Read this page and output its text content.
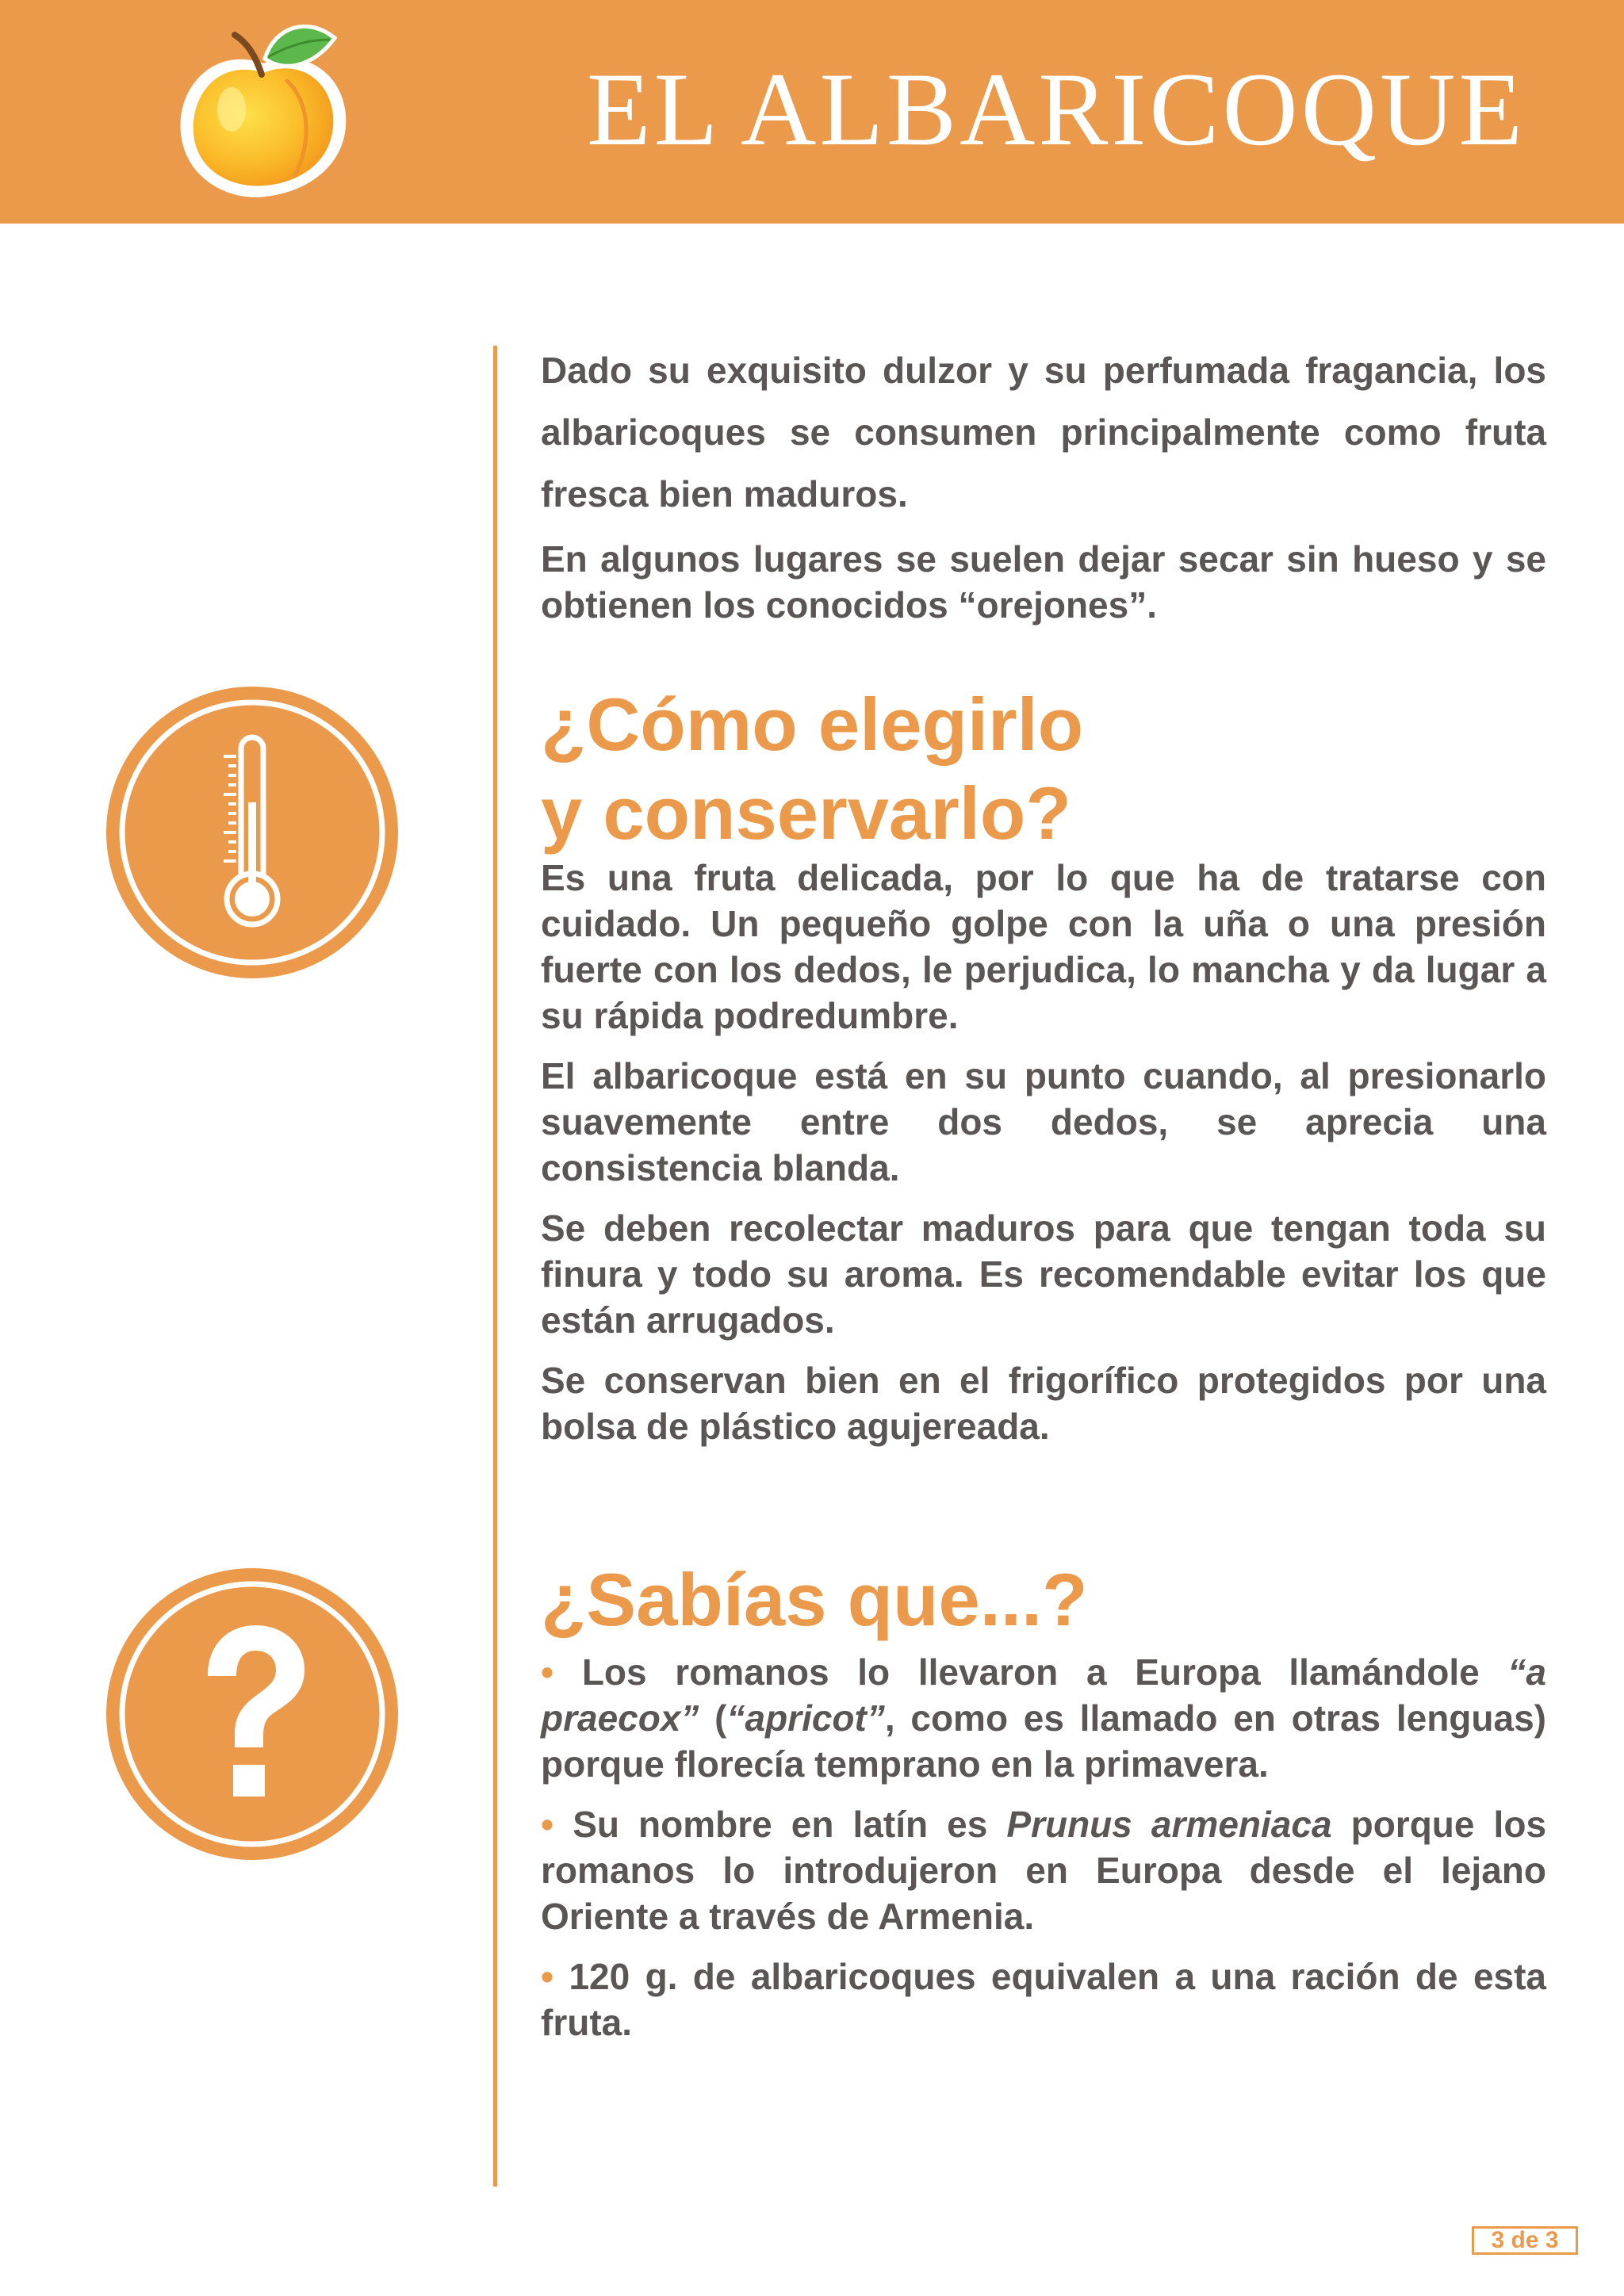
EL ALBARICOQUE

Dado su exquisito dulzor y su perfumada fragancia, los albaricoques se consumen principalmente como fruta fresca bien maduros.

En algunos lugares se suelen dejar secar sin hueso y se obtienen los conocidos “orejones”.

¿Cómo elegirlo
y conservarlo?

Es una fruta delicada, por lo que ha de tratarse con cuidado. Un pequeño golpe con la uña o una presión fuerte con los dedos, le perjudica, lo mancha y da lugar a su rápida podredumbre.

El albaricoque está en su punto cuando, al presionarlo suavemente entre dos dedos, se aprecia una consistencia blanda.

Se deben recolectar maduros para que tengan toda su finura y todo su aroma. Es recomendable evitar los que están arrugados.

Se conservan bien en el frigorífico protegidos por una bolsa de plástico agujereada.

¿Sabías que...?

• Los romanos lo llevaron a Europa llamándole “a praecox” (“apricot”, como es llamado en otras lenguas) porque florecía temprano en la primavera.

• Su nombre en latín es Prunus armeniaca porque los romanos lo introdujeron en Europa desde el lejano Oriente a través de Armenia.

• 120 g. de albaricoques equivalen a una ración de esta fruta.

3 de 3
